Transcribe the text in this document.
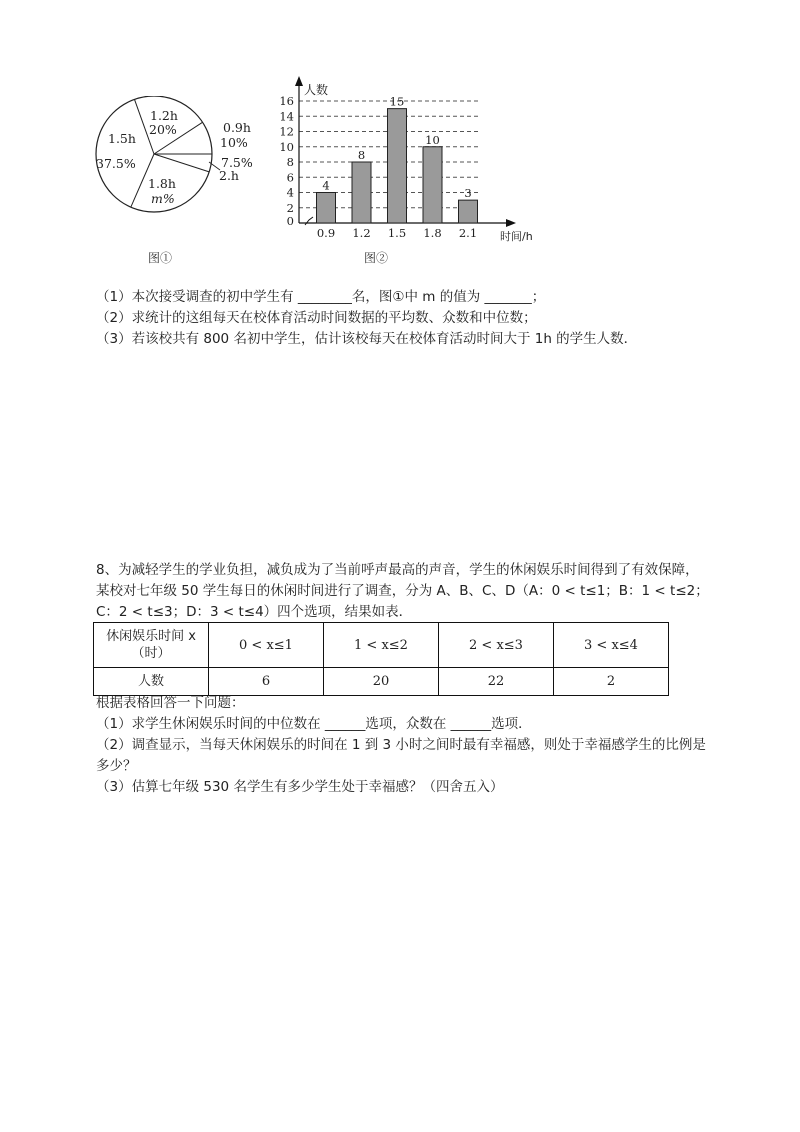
1.2h
20%	0.9h
10%
7.5%
2.h
1.8h
m%
1.5h
37.5%
图①
0
2
4
6
8
10
12
14
16
4
8
15
10
3
0.9 1.2 1.5 1.8 2.1
人数
时间/h
图②
（1）本次接受调查的初中学生有 ________名，图①中 m 的值为 _______；
（2）求统计的这组每天在校体育活动时间数据的平均数、众数和中位数；
（3）若该校共有 800 名初中学生，估计该校每天在校体育活动时间大于 1h 的学生人数．
8、为减轻学生的学业负担，减负成为了当前呼声最高的声音，学生的休闲娱乐时间得到了有效保障，某校对七年级 50 学生每日的休闲时间进行了调查，分为 A、B、C、D（A：0 < t≤1；B：1 < t≤2；C：2 < t≤3；D：3 < t≤4）四个选项，结果如表．
休闲娱乐时间 x
（时）	0 < x≤1	1 < x≤2	2 < x≤3	3 < x≤4
人数	6	20	22	2
根据表格回答一下问题：
（1）求学生休闲娱乐时间的中位数在 ______选项，众数在 ______选项．
（2）调查显示，当每天休闲娱乐的时间在 1 到 3 小时之间时最有幸福感，则处于幸福感学生的比例是多少？
（3）估算七年级 530 名学生有多少学生处于幸福感？（四舍五入）
